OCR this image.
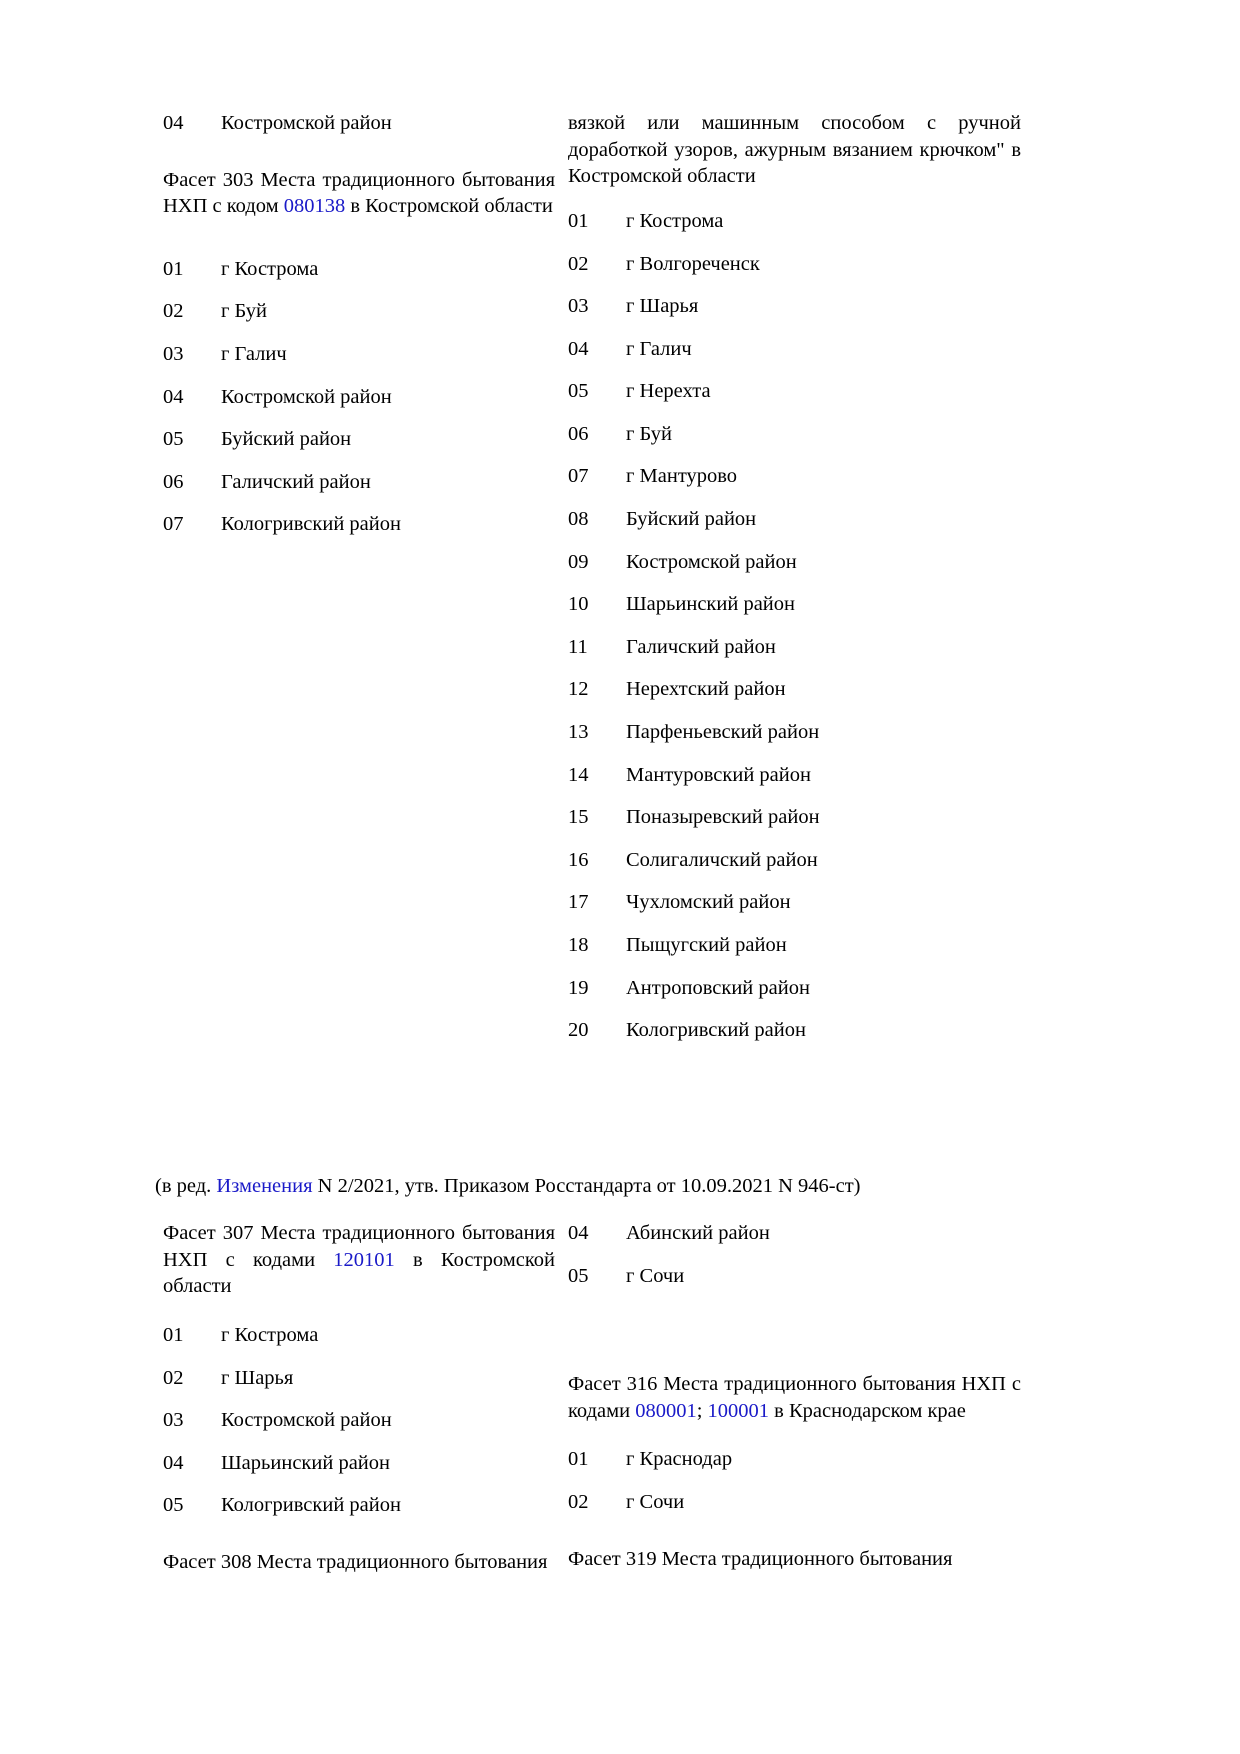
04	Костромской район

Фасет 303 Места традиционного бытования НХП с кодом 080138 в Костромской области

01	г Кострома
02	г Буй
03	г Галич
04	Костромской район
05	Буйский район
06	Галичский район
07	Кологривский район

вязкой или машинным способом с ручной доработкой узоров, ажурным вязанием крючком" в Костромской области

01	г Кострома
02	г Волгореченск
03	г Шарья
04	г Галич
05	г Нерехта
06	г Буй
07	г Мантурово
08	Буйский район
09	Костромской район
10	Шарьинский район
11	Галичский район
12	Нерехтский район
13	Парфеньевский район
14	Мантуровский район
15	Поназыревский район
16	Солигаличский район
17	Чухломский район
18	Пыщугский район
19	Антроповский район
20	Кологривский район

(в ред. Изменения N 2/2021, утв. Приказом Росстандарта от 10.09.2021 N 946-ст)

Фасет 307 Места традиционного бытования НХП с кодами 120101 в Костромской области

01	г Кострома
02	г Шарья
03	Костромской район
04	Шарьинский район
05	Кологривский район

Фасет 308 Места традиционного бытования

04	Абинский район
05	г Сочи

Фасет 316 Места традиционного бытования НХП с кодами 080001; 100001 в Краснодарском крае

01	г Краснодар
02	г Сочи

Фасет 319 Места традиционного бытования
